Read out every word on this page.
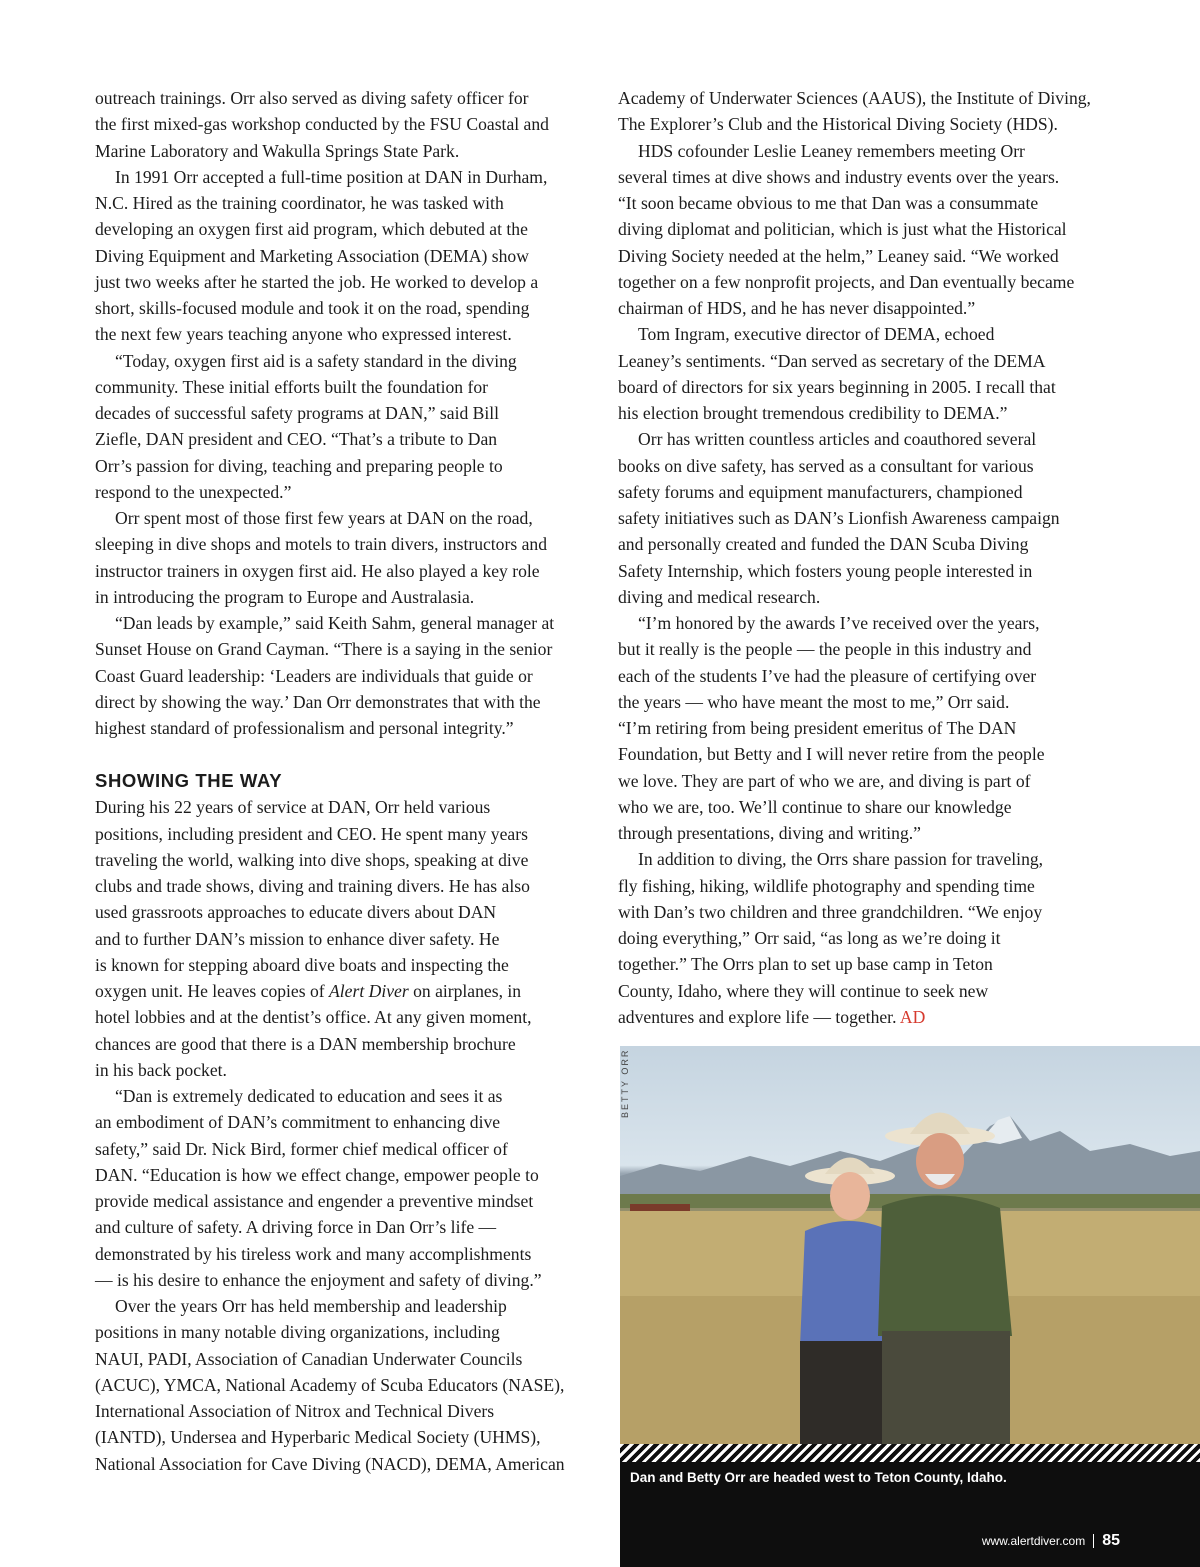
outreach trainings. Orr also served as diving safety officer for

the first mixed-gas workshop conducted by the FSU Coastal and

Marine Laboratory and Wakulla Springs State Park.

In 1991 Orr accepted a full-time position at DAN in Durham,

N.C. Hired as the training coordinator, he was tasked with

developing an oxygen first aid program, which debuted at the

Diving Equipment and Marketing Association (DEMA) show

just two weeks after he started the job. He worked to develop a

short, skills-focused module and took it on the road, spending

the next few years teaching anyone who expressed interest.

“Today, oxygen first aid is a safety standard in the diving

community. These initial efforts built the foundation for

decades of successful safety programs at DAN,” said Bill

Ziefle, DAN president and CEO. “That’s a tribute to Dan

Orr’s passion for diving, teaching and preparing people to

respond to the unexpected.”

Orr spent most of those first few years at DAN on the road,

sleeping in dive shops and motels to train divers, instructors and

instructor trainers in oxygen first aid. He also played a key role

in introducing the program to Europe and Australasia.

“Dan leads by example,” said Keith Sahm, general manager at

Sunset House on Grand Cayman. “There is a saying in the senior

Coast Guard leadership: ‘Leaders are individuals that guide or

direct by showing the way.’ Dan Orr demonstrates that with the

highest standard of professionalism and personal integrity.”

SHOWING THE WAY

During his 22 years of service at DAN, Orr held various

positions, including president and CEO. He spent many years

traveling the world, walking into dive shops, speaking at dive

clubs and trade shows, diving and training divers. He has also

used grassroots approaches to educate divers about DAN

and to further DAN’s mission to enhance diver safety. He

is known for stepping aboard dive boats and inspecting the

oxygen unit. He leaves copies of Alert Diver on airplanes, in

hotel lobbies and at the dentist’s office. At any given moment,

chances are good that there is a DAN membership brochure

in his back pocket.

“Dan is extremely dedicated to education and sees it as

an embodiment of DAN’s commitment to enhancing dive

safety,” said Dr. Nick Bird, former chief medical officer of

DAN. “Education is how we effect change, empower people to

provide medical assistance and engender a preventive mindset

and culture of safety. A driving force in Dan Orr’s life —

demonstrated by his tireless work and many accomplishments

— is his desire to enhance the enjoyment and safety of diving.”

Over the years Orr has held membership and leadership

positions in many notable diving organizations, including

NAUI, PADI, Association of Canadian Underwater Councils

(ACUC), YMCA, National Academy of Scuba Educators (NASE),

International Association of Nitrox and Technical Divers

(IANTD), Undersea and Hyperbaric Medical Society (UHMS),

National Association for Cave Diving (NACD), DEMA, American

Academy of Underwater Sciences (AAUS), the Institute of Diving,

The Explorer’s Club and the Historical Diving Society (HDS).

HDS cofounder Leslie Leaney remembers meeting Orr

several times at dive shows and industry events over the years.

“It soon became obvious to me that Dan was a consummate

diving diplomat and politician, which is just what the Historical

Diving Society needed at the helm,” Leaney said. “We worked

together on a few nonprofit projects, and Dan eventually became

chairman of HDS, and he has never disappointed.”

Tom Ingram, executive director of DEMA, echoed

Leaney’s sentiments. “Dan served as secretary of the DEMA

board of directors for six years beginning in 2005. I recall that

his election brought tremendous credibility to DEMA.”

Orr has written countless articles and coauthored several

books on dive safety, has served as a consultant for various

safety forums and equipment manufacturers, championed

safety initiatives such as DAN’s Lionfish Awareness campaign

and personally created and funded the DAN Scuba Diving

Safety Internship, which fosters young people interested in

diving and medical research.

“I’m honored by the awards I’ve received over the years,

but it really is the people — the people in this industry and

each of the students I’ve had the pleasure of certifying over

the years — who have meant the most to me,” Orr said.

“I’m retiring from being president emeritus of The DAN

Foundation, but Betty and I will never retire from the people

we love. They are part of who we are, and diving is part of

who we are, too. We’ll continue to share our knowledge

through presentations, diving and writing.”

In addition to diving, the Orrs share passion for traveling,

fly fishing, hiking, wildlife photography and spending time

with Dan’s two children and three grandchildren. “We enjoy

doing everything,” Orr said, “as long as we’re doing it

together.” The Orrs plan to set up base camp in Teton

County, Idaho, where they will continue to seek new

adventures and explore life — together. AD

BETTY ORR
Dan and Betty Orr are headed west to Teton County, Idaho.
www.alertdiver.com 85
